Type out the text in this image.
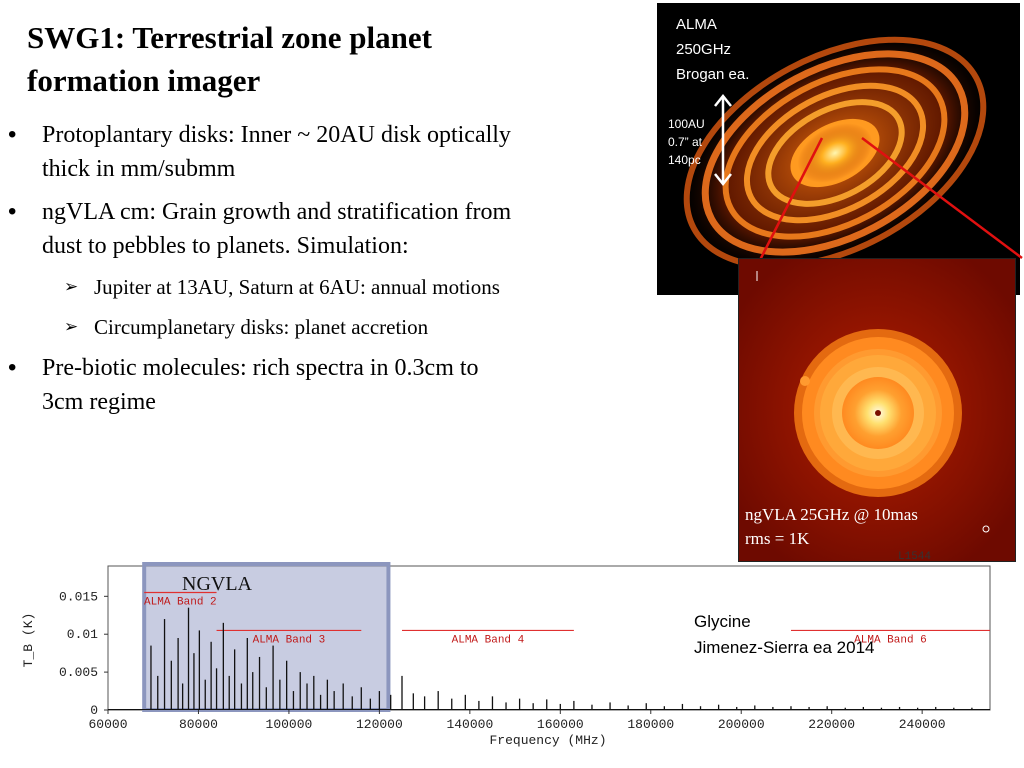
SWG1: Terrestrial zone planet
formation imager
• Protoplantary disks: Inner ~ 20AU disk optically
thick in mm/submm
• ngVLA cm: Grain growth and stratification from
dust to pebbles to planets. Simulation:
➢ Jupiter at 13AU, Saturn at 6AU: annual motions
➢ Circumplanetary disks: planet accretion
• Pre-biotic molecules: rich spectra in 0.3cm to
3cm regime
ALMA
250GHz
Brogan ea.
100AU
0.7” at
140pc
ngVLA 25GHz @ 10mas
rms = 1K
NGVLA
ALMA Band 2
ALMA Band 3	ALMA Band 4	ALMA Band 6
60000	80000	100000	120000	140000	160000	180000	200000	220000	240000
0
0.005
0.01
0.015
Frequency (MHz)
T_B (K)
L1544
Glycine
Jimenez-Sierra ea 2014
